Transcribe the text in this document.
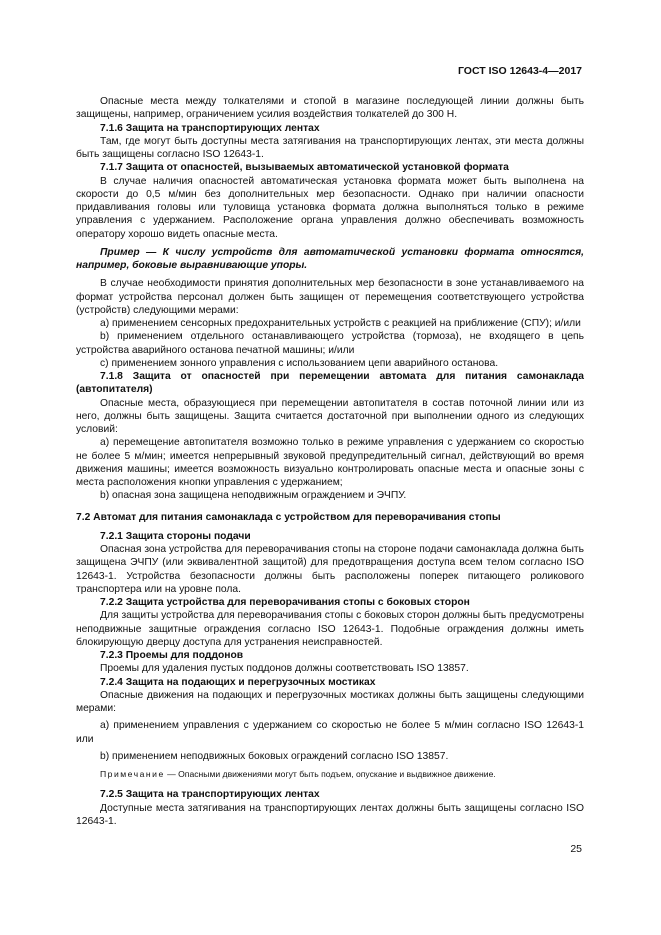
ГОСТ ISO 12643-4—2017

Опасные места между толкателями и стопой в магазине последующей линии должны быть защищены, например, ограничением усилия воздействия толкателей до 300 Н.

7.1.6 Защита на транспортирующих лентах

Там, где могут быть доступны места затягивания на транспортирующих лентах, эти места должны быть защищены согласно ISO 12643-1.

7.1.7 Защита от опасностей, вызываемых автоматической установкой формата

В случае наличия опасностей автоматическая установка формата может быть выполнена на скорости до 0,5 м/мин без дополнительных мер безопасности. Однако при наличии опасности придавливания головы или туловища установка формата должна выполняться только в режиме управления с удержанием. Расположение органа управления должно обеспечивать возможность оператору хорошо видеть опасные места.

Пример — К числу устройств для автоматической установки формата относятся, например, боковые выравнивающие упоры.

В случае необходимости принятия дополнительных мер безопасности в зоне устанавливаемого на формат устройства персонал должен быть защищен от перемещения соответствующего устройства (устройств) следующими мерами:

а) применением сенсорных предохранительных устройств с реакцией на приближение (СПУ); и/или

b) применением отдельного останавливающего устройства (тормоза), не входящего в цепь устройства аварийного останова печатной машины; и/или

c) применением зонного управления с использованием цепи аварийного останова.

7.1.8 Защита от опасностей при перемещении автомата для питания самонаклада (автопитателя)

Опасные места, образующиеся при перемещении автопитателя в состав поточной линии или из него, должны быть защищены. Защита считается достаточной при выполнении одного из следующих условий:

а) перемещение автопитателя возможно только в режиме управления с удержанием со скоростью не более 5 м/мин; имеется непрерывный звуковой предупредительный сигнал, действующий во время движения машины; имеется возможность визуально контролировать опасные места и опасные зоны с места расположения кнопки управления с удержанием;

b) опасная зона защищена неподвижным ограждением и ЭЧПУ.

7.2 Автомат для питания самонаклада с устройством для переворачивания стопы

7.2.1 Защита стороны подачи

Опасная зона устройства для переворачивания стопы на стороне подачи самонаклада должна быть защищена ЭЧПУ (или эквивалентной защитой) для предотвращения доступа всем телом согласно ISO 12643-1. Устройства безопасности должны быть расположены поперек питающего роликового транспортера или на уровне пола.

7.2.2 Защита устройства для переворачивания стопы с боковых сторон

Для защиты устройства для переворачивания стопы с боковых сторон должны быть предусмотрены неподвижные защитные ограждения согласно ISO 12643-1. Подобные ограждения должны иметь блокирующую дверцу доступа для устранения неисправностей.

7.2.3 Проемы для поддонов

Проемы для удаления пустых поддонов должны соответствовать ISO 13857.

7.2.4 Защита на подающих и перегрузочных мостиках

Опасные движения на подающих и перегрузочных мостиках должны быть защищены следующими мерами:

а) применением управления с удержанием со скоростью не более 5 м/мин согласно ISO 12643-1 или

b) применением неподвижных боковых ограждений согласно ISO 13857.

Примечание — Опасными движениями могут быть подъем, опускание и выдвижное движение.

7.2.5 Защита на транспортирующих лентах

Доступные места затягивания на транспортирующих лентах должны быть защищены согласно ISO 12643-1.

25
